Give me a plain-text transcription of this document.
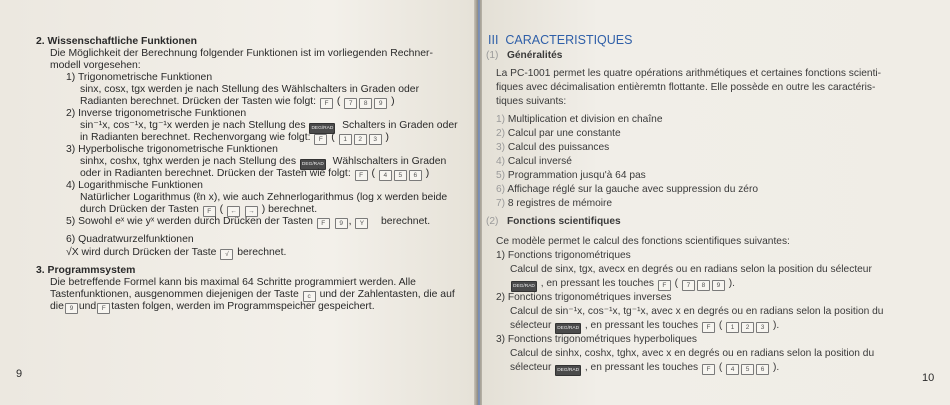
2. Wissenschaftliche Funktionen
Die Möglichkeit der Berechnung folgender Funktionen ist im vorliegenden Rechner-
modell vorgesehen:
1) Trigonometrische Funktionen
sinx, cosx, tgx werden je nach Stellung des Wählschalters in Graden oder
Radianten berechnet. Drücken der Tasten wie folgt: F ( 7 8 9 )
2) Inverse trigonometrische Funktionen
sin⁻¹x, cos⁻¹x, tg⁻¹x werden je nach Stellung des DEG/RAD Schalters in Graden oder
in Radianten berechnet. Rechenvorgang wie folgt: F ( 1 2 3 )
3) Hyperbolische trigonometrische Funktionen
sinhx, coshx, tghx werden je nach Stellung des DEG/RAD Wählschalters in Graden
oder in Radianten berechnet. Drücken der Tasten wie folgt: F ( 4 5 6 )
4) Logarithmische Funktionen
Natürlicher Logarithmus (ℓn x), wie auch Zehnerlogarithmus (log x werden beide
durch Drücken der Tasten F ( ← → ) berechnet.
5) Sowohl eˣ wie yˣ werden durch Drücken der Tasten F 9 , Y berechnet.
6) Quadratwurzelfunktionen
√X wird durch Drücken der Taste √ berechnet.
3. Programmsystem
Die betreffende Formel kann bis maximal 64 Schritte programmiert werden. Alle
Tastenfunktionen, ausgenommen diejenigen der Taste c und der Zahlentasten, die auf
die 9 und F tasten folgen, werden im Programmspeicher gespeichert.
9
III CARACTERISTIQUES
(1) Généralités
La PC-1001 permet les quatre opérations arithmétiques et certaines fonctions scienti-
fiques avec décimalisation entièremtn flottante. Elle possède en outre les caractéris-
tiques suivants:
1) Multiplication et division en chaîne
2) Calcul par une constante
3) Calcul des puissances
4) Calcul inversé
5) Programmation jusqu'à 64 pas
6) Affichage réglé sur la gauche avec suppression du zéro
7) 8 registres de mémoire
(2) Fonctions scientifiques
Ce modèle permet le calcul des fonctions scientifiques suivantes:
1) Fonctions trigonométriques
Calcul de sinx, tgx, avecx en degrés ou en radians selon la position du sélecteur
DEG/RAD , en pressant les touches F ( 7 8 9 ).
2) Fonctions trigonométriques inverses
Calcul de sin⁻¹x, cos⁻¹x, tg⁻¹x, avec x en degrés ou en radians selon la position du
sélecteur DEG/RAD , en pressant les touches F ( 1 2 3 ).
3) Fonctions trigonométriques hyperboliques
Calcul de sinhx, coshx, tghx, avec x en degrés ou en radians selon la position du
sélecteur DEG/RAD , en pressant les touches F ( 4 5 6 ).
10
